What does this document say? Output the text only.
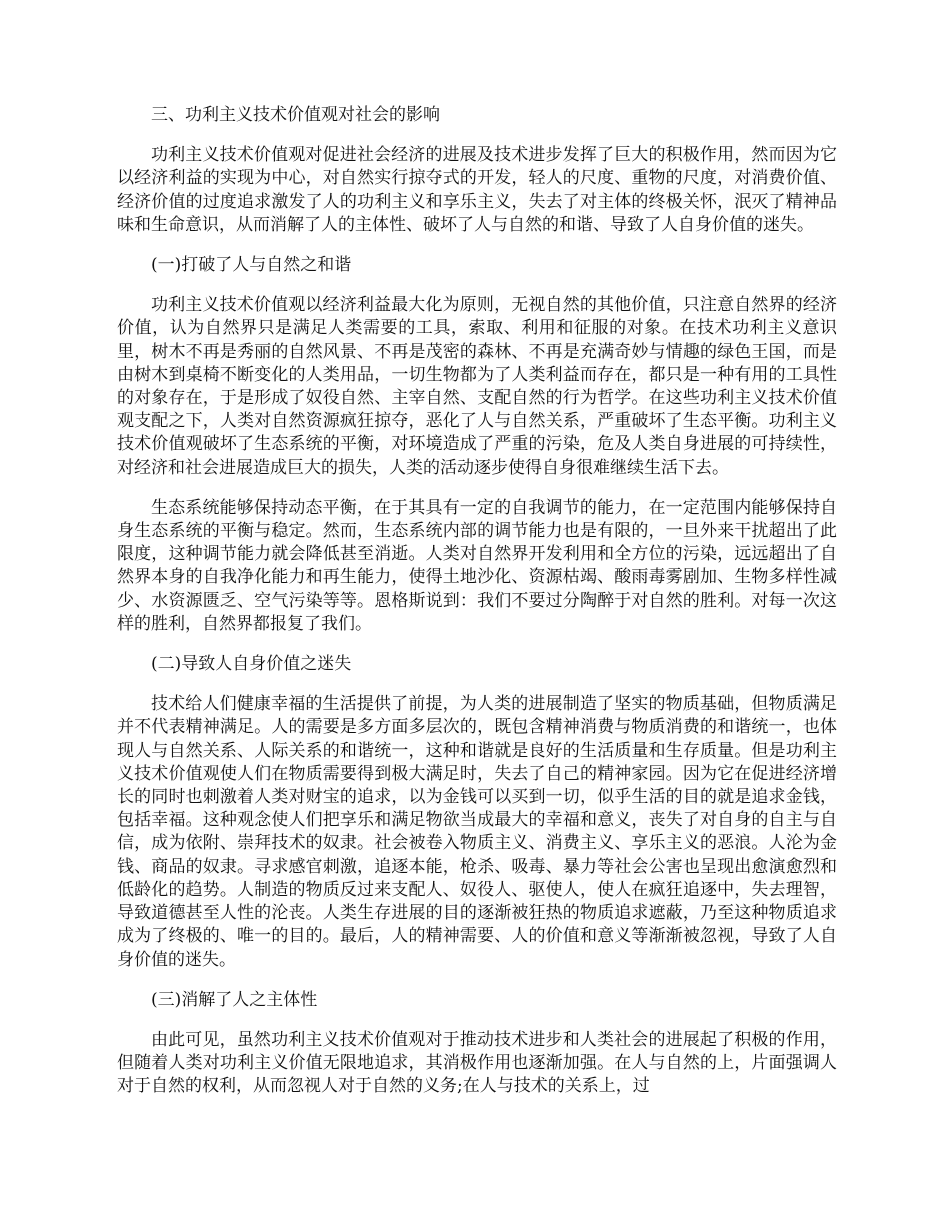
三、功利主义技术价值观对社会的影响

功利主义技术价值观对促进社会经济的进展及技术进步发挥了巨大的积极作用，然而因为它以经济利益的实现为中心，对自然实行掠夺式的开发，轻人的尺度、重物的尺度，对消费价值、经济价值的过度追求激发了人的功利主义和享乐主义，失去了对主体的终极关怀，泯灭了精神品味和生命意识，从而消解了人的主体性、破坏了人与自然的和谐、导致了人自身价值的迷失。

(一)打破了人与自然之和谐

功利主义技术价值观以经济利益最大化为原则，无视自然的其他价值，只注意自然界的经济价值，认为自然界只是满足人类需要的工具，索取、利用和征服的对象。在技术功利主义意识里，树木不再是秀丽的自然风景、不再是茂密的森林、不再是充满奇妙与情趣的绿色王国，而是由树木到桌椅不断变化的人类用品，一切生物都为了人类利益而存在，都只是一种有用的工具性的对象存在，于是形成了奴役自然、主宰自然、支配自然的行为哲学。在这些功利主义技术价值观支配之下，人类对自然资源疯狂掠夺，恶化了人与自然关系，严重破坏了生态平衡。功利主义技术价值观破坏了生态系统的平衡，对环境造成了严重的污染，危及人类自身进展的可持续性，对经济和社会进展造成巨大的损失，人类的活动逐步使得自身很难继续生活下去。

生态系统能够保持动态平衡，在于其具有一定的自我调节的能力，在一定范围内能够保持自身生态系统的平衡与稳定。然而，生态系统内部的调节能力也是有限的，一旦外来干扰超出了此限度，这种调节能力就会降低甚至消逝。人类对自然界开发利用和全方位的污染，远远超出了自然界本身的自我净化能力和再生能力，使得土地沙化、资源枯竭、酸雨毒雾剧加、生物多样性减少、水资源匮乏、空气污染等等。恩格斯说到：我们不要过分陶醉于对自然的胜利。对每一次这样的胜利，自然界都报复了我们。

(二)导致人自身价值之迷失

技术给人们健康幸福的生活提供了前提，为人类的进展制造了坚实的物质基础，但物质满足并不代表精神满足。人的需要是多方面多层次的，既包含精神消费与物质消费的和谐统一，也体现人与自然关系、人际关系的和谐统一，这种和谐就是良好的生活质量和生存质量。但是功利主义技术价值观使人们在物质需要得到极大满足时，失去了自己的精神家园。因为它在促进经济增长的同时也刺激着人类对财宝的追求，以为金钱可以买到一切，似乎生活的目的就是追求金钱，包括幸福。这种观念使人们把享乐和满足物欲当成最大的幸福和意义，丧失了对自身的自主与自信，成为依附、崇拜技术的奴隶。社会被卷入物质主义、消费主义、享乐主义的恶浪。人沦为金钱、商品的奴隶。寻求感官刺激，追逐本能，枪杀、吸毒、暴力等社会公害也呈现出愈演愈烈和低龄化的趋势。人制造的物质反过来支配人、奴役人、驱使人，使人在疯狂追逐中，失去理智，导致道德甚至人性的沦丧。人类生存进展的目的逐渐被狂热的物质追求遮蔽，乃至这种物质追求成为了终极的、唯一的目的。最后，人的精神需要、人的价值和意义等渐渐被忽视，导致了人自身价值的迷失。

(三)消解了人之主体性

由此可见，虽然功利主义技术价值观对于推动技术进步和人类社会的进展起了积极的作用，但随着人类对功利主义价值无限地追求，其消极作用也逐渐加强。在人与自然的上，片面强调人对于自然的权利，从而忽视人对于自然的义务;在人与技术的关系上，过
